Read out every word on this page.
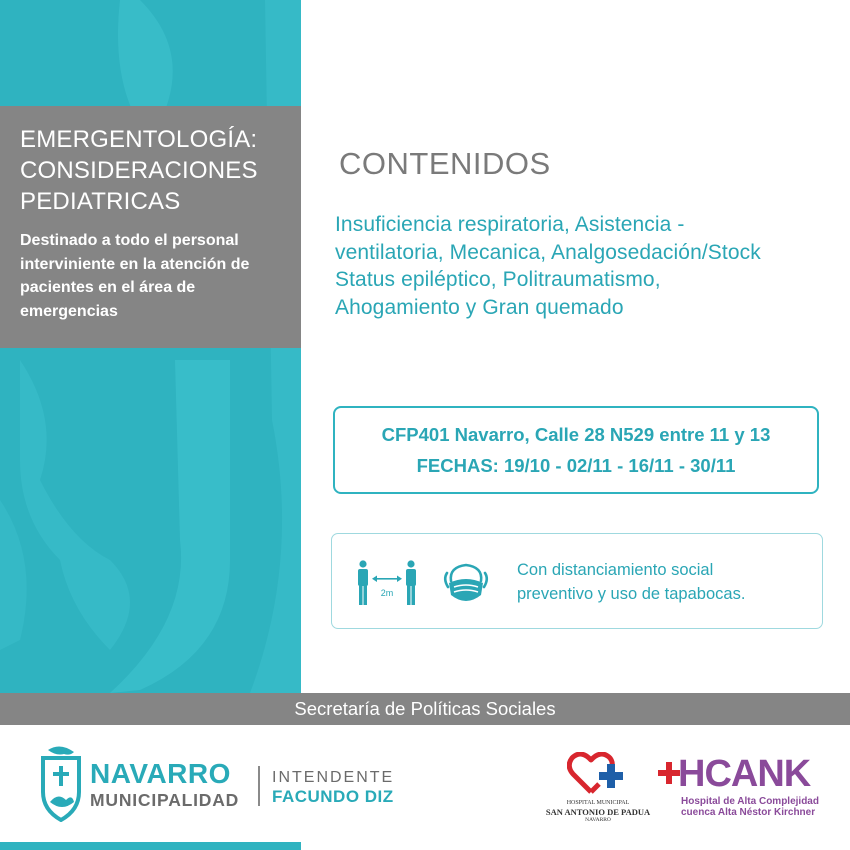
EMERGENTOLOGÍA:
CONSIDERACIONES
PEDIATRICAS
Destinado a todo el personal interviniente en la atención de pacientes en el área de emergencias
CONTENIDOS
Insuficiencia respiratoria, Asistencia -
ventilatoria, Mecanica, Analgosedación/Stock
Status epiléptico, Politraumatismo,
Ahogamiento y Gran quemado
CFP401 Navarro, Calle 28 N529 entre 11 y 13
FECHAS: 19/10 - 02/11 - 16/11 - 30/11
2m
Con distanciamiento social
preventivo y uso de tapabocas.
Secretaría de Políticas Sociales
NAVARRO
MUNICIPALIDAD
INTENDENTE
FACUNDO DIZ	HOSPITAL MUNICIPAL
SAN ANTONIO DE PADUA
NAVARRO
HCANK
Hospital de Alta Complejidad
cuenca Alta Néstor Kirchner
